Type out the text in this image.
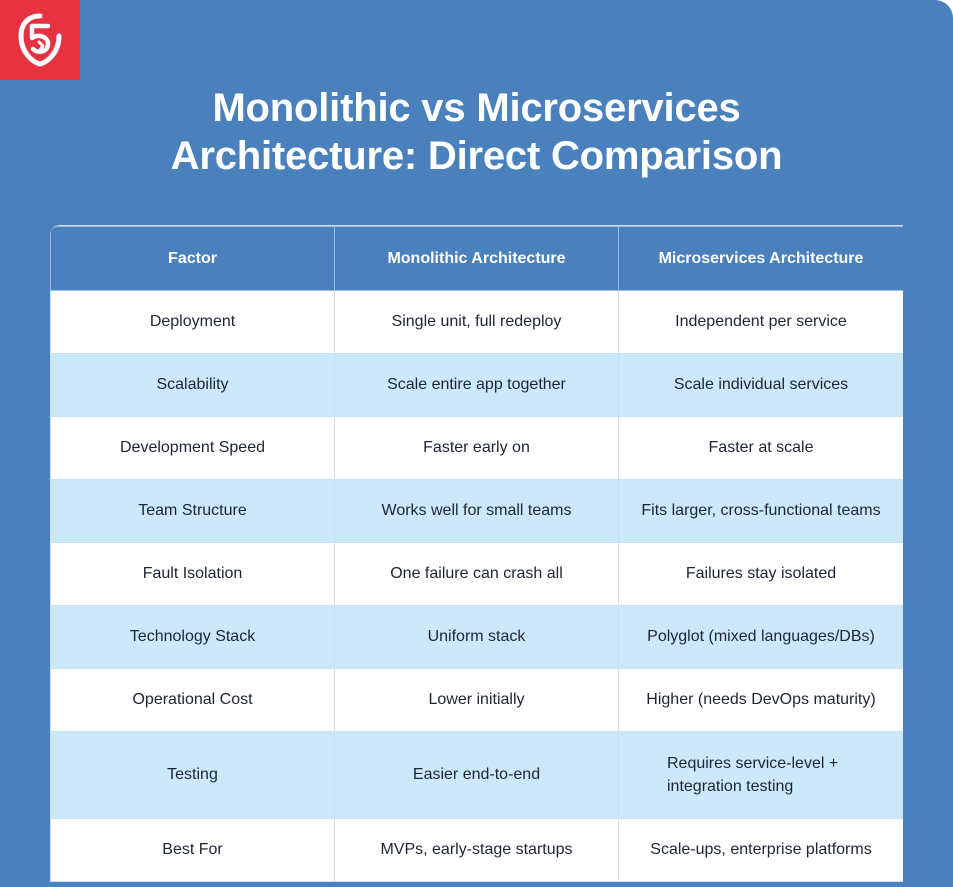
Monolithic vs Microservices
Architecture: Direct Comparison
Factor	Monolithic Architecture	Microservices Architecture
Deployment	Single unit, full redeploy	Independent per service
Scalability	Scale entire app together	Scale individual services
Development Speed	Faster early on	Faster at scale
Team Structure	Works well for small teams	Fits larger, cross-functional teams
Fault Isolation	One failure can crash all	Failures stay isolated
Technology Stack	Uniform stack	Polyglot (mixed languages/DBs)
Operational Cost	Lower initially	Higher (needs DevOps maturity)
Testing	Easier end-to-end	Requires service-level +
integration testing
Best For	MVPs, early-stage startups	Scale-ups, enterprise platforms
